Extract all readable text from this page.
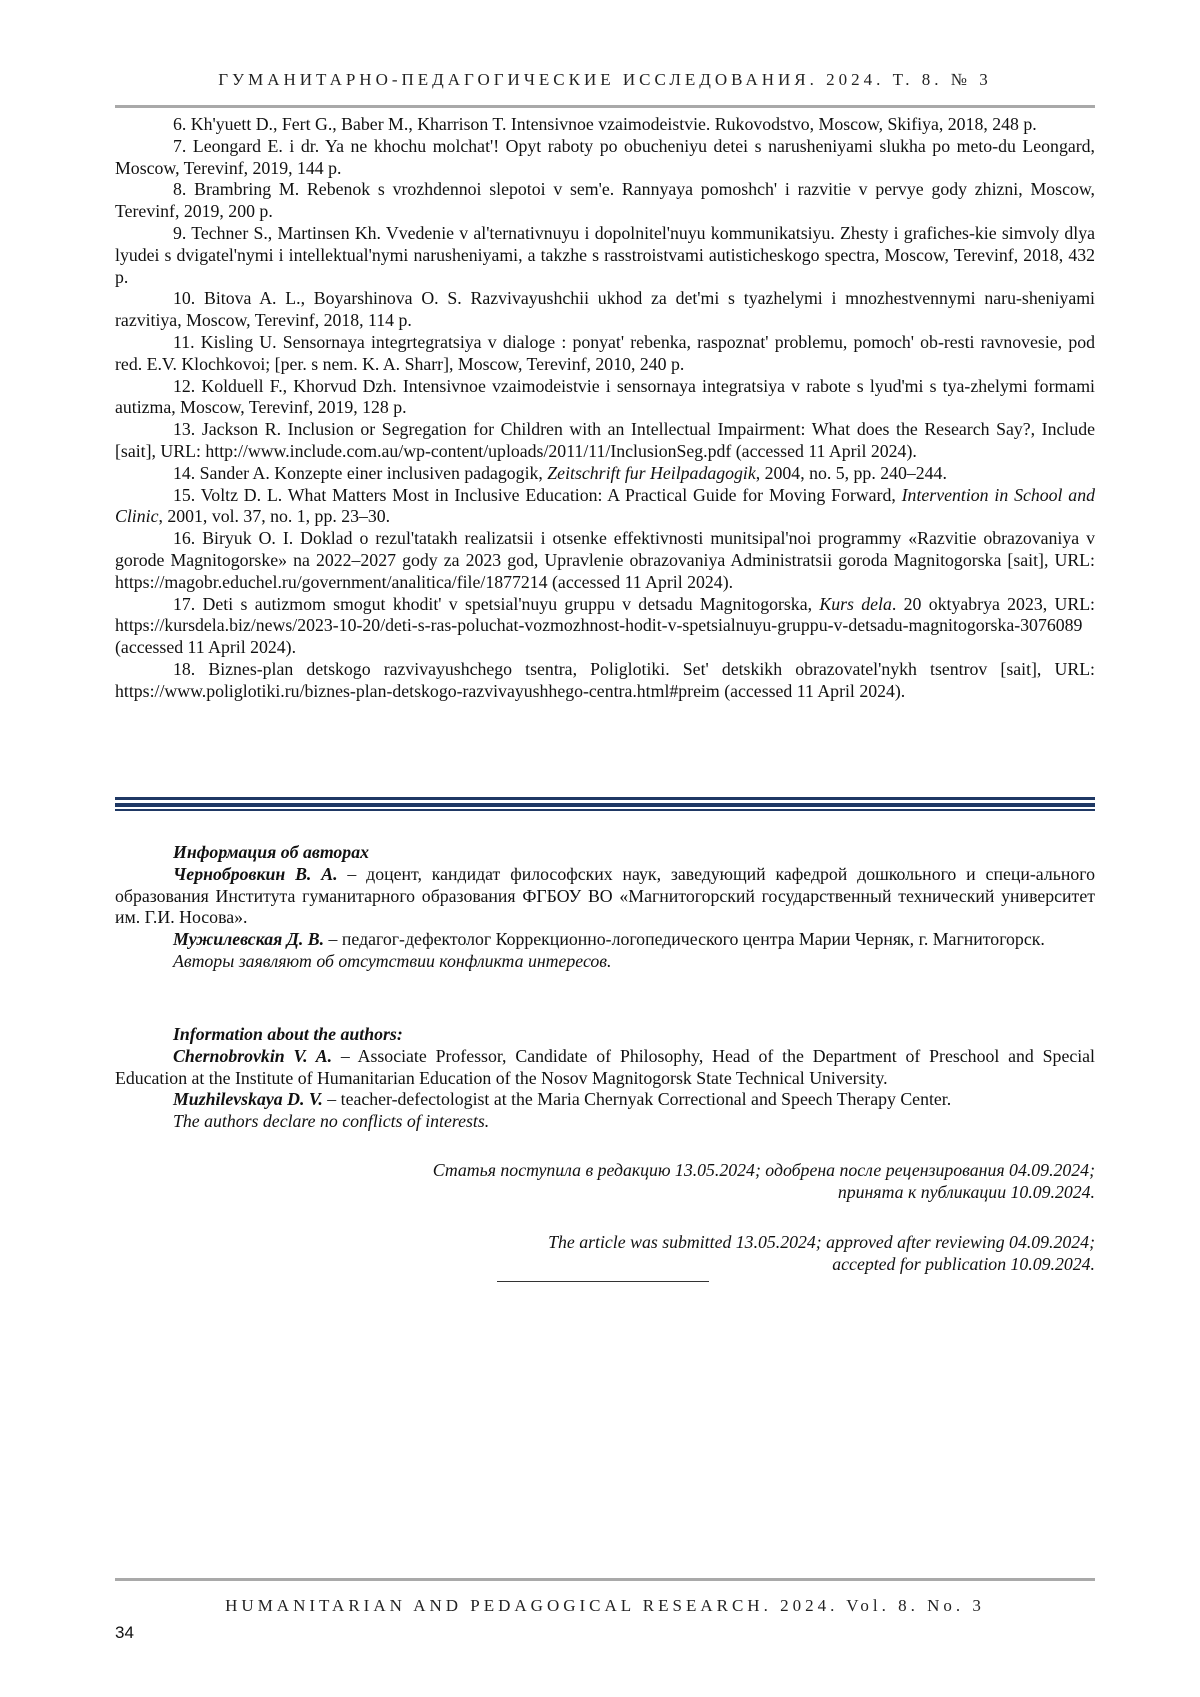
ГУМАНИТАРНО-ПЕДАГОГИЧЕСКИЕ ИССЛЕДОВАНИЯ. 2024. Т. 8. № 3

6. Kh'yuett D., Fert G., Baber M., Kharrison T. Intensivnoe vzaimodeistvie. Rukovodstvo, Moscow, Skifiya, 2018, 248 p.

7. Leongard E. i dr. Ya ne khochu molchat'! Opyt raboty po obucheniyu detei s narusheniyami slukha po meto-du Leongard, Moscow, Terevinf, 2019, 144 p.

8. Brambring M. Rebenok s vrozhdennoi slepotoi v sem'e. Rannyaya pomoshch' i razvitie v pervye gody zhizni, Moscow, Terevinf, 2019, 200 p.

9. Techner S., Martinsen Kh. Vvedenie v al'ternativnuyu i dopolnitel'nuyu kommunikatsiyu. Zhesty i grafiches-kie simvoly dlya lyudei s dvigatel'nymi i intellektual'nymi narusheniyami, a takzhe s rasstroistvami autisticheskogo spectra, Moscow, Terevinf, 2018, 432 p.

10. Bitova A. L., Boyarshinova O. S. Razvivayushchii ukhod za det'mi s tyazhelymi i mnozhestvennymi naru-sheniyami razvitiya, Moscow, Terevinf, 2018, 114 p.

11. Kisling U. Sensornaya integrtegratsiya v dialoge : ponyat' rebenka, raspoznat' problemu, pomoch' ob-resti ravnovesie, pod red. E.V. Klochkovoi; [per. s nem. K. A. Sharr], Moscow, Terevinf, 2010, 240 p.

12. Kolduell F., Khorvud Dzh. Intensivnoe vzaimodeistvie i sensornaya integratsiya v rabote s lyud'mi s tya-zhelymi formami autizma, Moscow, Terevinf, 2019, 128 p.

13. Jackson R. Inclusion or Segregation for Children with an Intellectual Impairment: What does the Research Say?, Include [sait], URL: http://www.include.com.au/wp-content/uploads/2011/11/InclusionSeg.pdf (accessed 11 April 2024).

14. Sander A. Konzepte einer inclusiven padagogik, Zeitschrift fur Heilpadagogik, 2004, no. 5, pp. 240–244.

15. Voltz D. L. What Matters Most in Inclusive Education: A Practical Guide for Moving Forward, Intervention in School and Clinic, 2001, vol. 37, no. 1, pp. 23–30.

16. Biryuk O. I. Doklad o rezul'tatakh realizatsii i otsenke effektivnosti munitsipal'noi programmy «Razvitie obrazovaniya v gorode Magnitogorske» na 2022–2027 gody za 2023 god, Upravlenie obrazovaniya Administratsii goroda Magnitogorska [sait], URL: https://magobr.educhel.ru/government/analitica/file/1877214 (accessed 11 April 2024).

17. Deti s autizmom smogut khodit' v spetsial'nuyu gruppu v detsadu Magnitogorska, Kurs dela. 20 oktyabrya 2023, URL: https://kursdela.biz/news/2023-10-20/deti-s-ras-poluchat-vozmozhnost-hodit-v-spetsialnuyu-gruppu-v-detsadu-magnitogorska-3076089 (accessed 11 April 2024).

18. Biznes-plan detskogo razvivayushchego tsentra, Poliglotiki. Set' detskikh obrazovatel'nykh tsentrov [sait], URL: https://www.poliglotiki.ru/biznes-plan-detskogo-razvivayushhego-centra.html#preim (accessed 11 April 2024).

Информация об авторах

Чернобровкин В. А. – доцент, кандидат философских наук, заведующий кафедрой дошкольного и специ-ального образования Института гуманитарного образования ФГБОУ ВО «Магнитогорский государственный технический университет им. Г.И. Носова».

Мужилевская Д. В. – педагог-дефектолог Коррекционно-логопедического центра Марии Черняк, г. Магнитогорск.

Авторы заявляют об отсутствии конфликта интересов.

Information about the authors:

Chernobrovkin V. A. – Associate Professor, Candidate of Philosophy, Head of the Department of Preschool and Special Education at the Institute of Humanitarian Education of the Nosov Magnitogorsk State Technical University.

Muzhilevskaya D. V. – teacher-defectologist at the Maria Chernyak Correctional and Speech Therapy Center.

The authors declare no conflicts of interests.

Статья поступила в редакцию 13.05.2024; одобрена после рецензирования 04.09.2024;

принята к публикации 10.09.2024.

The article was submitted 13.05.2024; approved after reviewing 04.09.2024;

accepted for publication 10.09.2024.

HUMANITARIAN AND PEDAGOGICAL RESEARCH. 2024. Vol. 8. No. 3
34
